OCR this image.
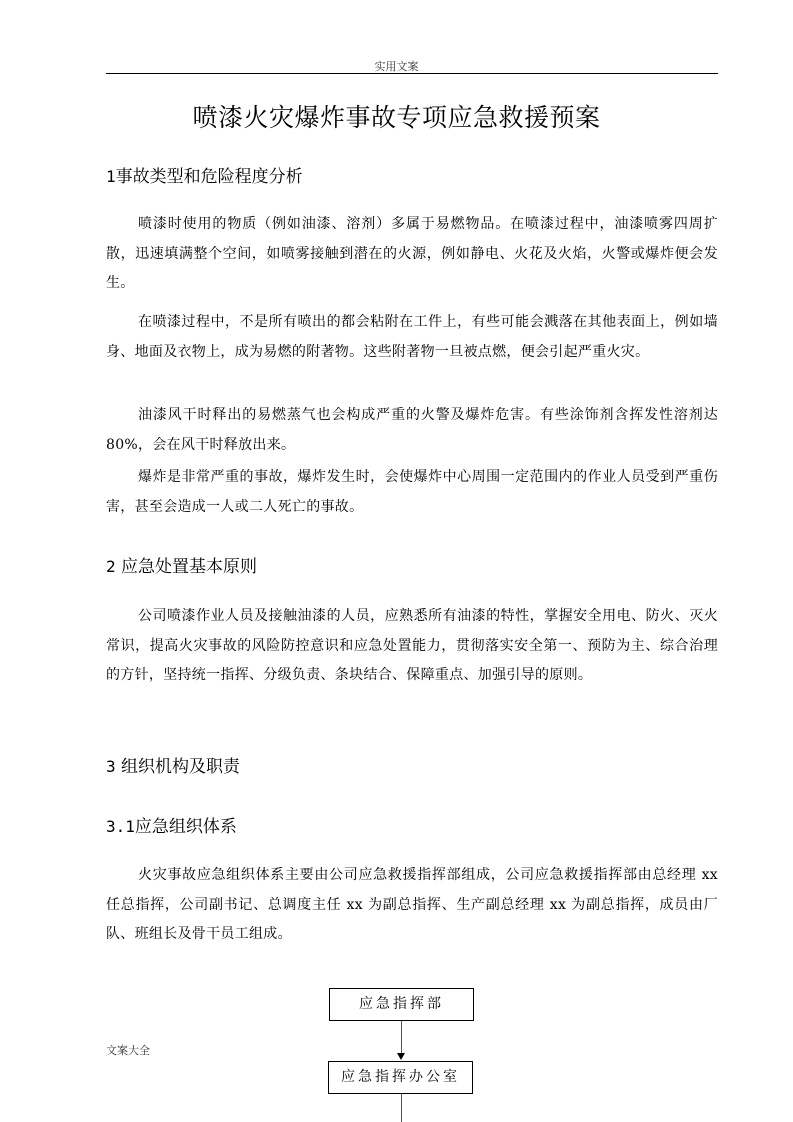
实用文案
喷漆火灾爆炸事故专项应急救援预案
1事故类型和危险程度分析

喷漆时使用的物质（例如油漆、溶剂）多属于易燃物品。在喷漆过程中，油漆喷雾四周扩散，迅速填满整个空间，如喷雾接触到潜在的火源，例如静电、火花及火焰，火警或爆炸便会发生。

在喷漆过程中，不是所有喷出的都会粘附在工件上，有些可能会溅落在其他表面上，例如墙身、地面及衣物上，成为易燃的附著物。这些附著物一旦被点燃，便会引起严重火灾。

油漆风干时释出的易燃蒸气也会构成严重的火警及爆炸危害。有些涂饰剂含挥发性溶剂达80%，会在风干时释放出来。

爆炸是非常严重的事故，爆炸发生时，会使爆炸中心周围一定范围内的作业人员受到严重伤害，甚至会造成一人或二人死亡的事故。

2 应急处置基本原则

公司喷漆作业人员及接触油漆的人员，应熟悉所有油漆的特性，掌握安全用电、防火、灭火常识，提高火灾事故的风险防控意识和应急处置能力，贯彻落实安全第一、预防为主、综合治理的方针，坚持统一指挥、分级负责、条块结合、保障重点、加强引导的原则。

3 组织机构及职责
3.1应急组织体系

火灾事故应急组织体系主要由公司应急救援指挥部组成，公司应急救援指挥部由总经理 xx 任总指挥，公司副书记、总调度主任 xx 为副总指挥、生产副总经理 xx 为副总指挥，成员由厂队、班组长及骨干员工组成。

应急指挥部
应急指挥办公室
文案大全
